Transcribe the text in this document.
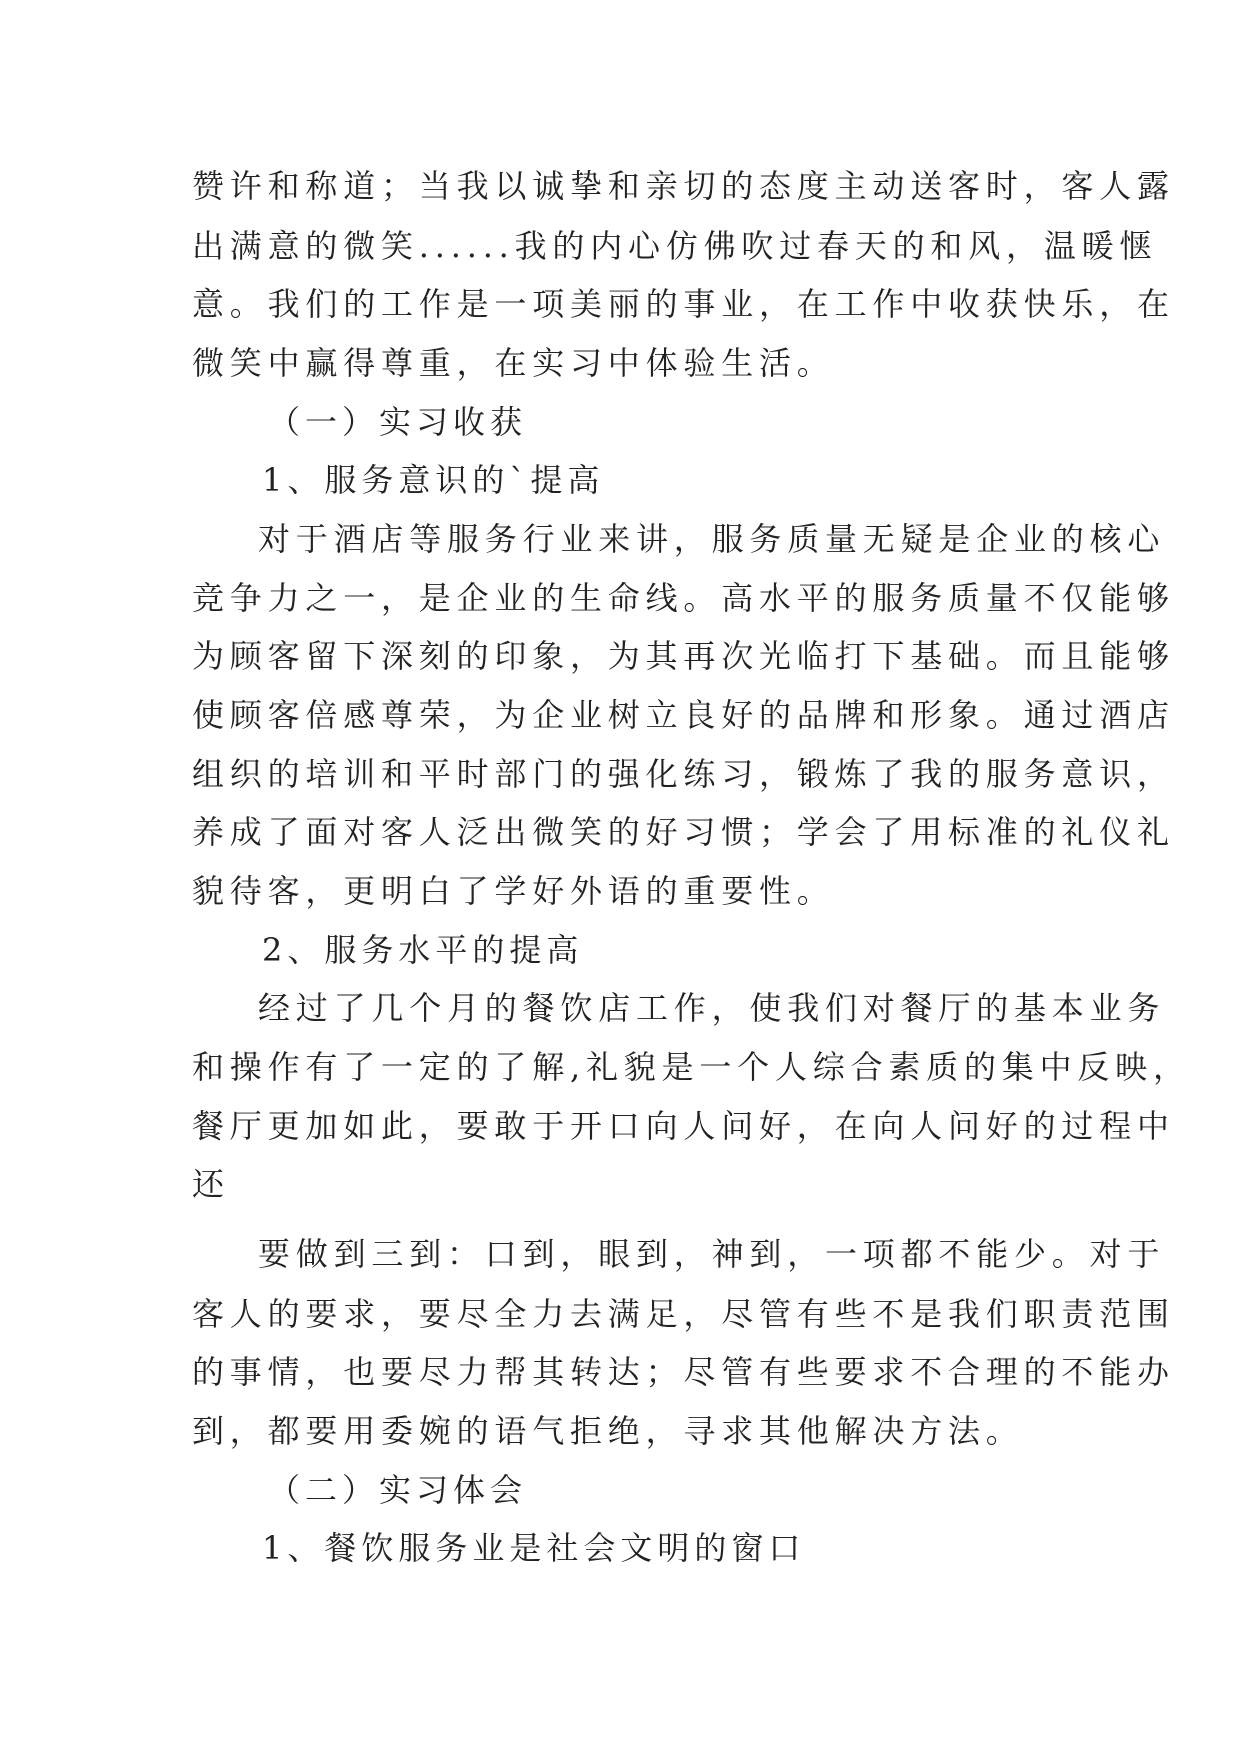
赞许和称道；当我以诚挚和亲切的态度主动送客时，客人露

出满意的微笑......我的内心仿佛吹过春天的和风，温暖惬

意。我们的工作是一项美丽的事业，在工作中收获快乐，在

微笑中赢得尊重，在实习中体验生活。

（一）实习收获

1、服务意识的`提高

对于酒店等服务行业来讲，服务质量无疑是企业的核心

竞争力之一，是企业的生命线。高水平的服务质量不仅能够

为顾客留下深刻的印象，为其再次光临打下基础。而且能够

使顾客倍感尊荣，为企业树立良好的品牌和形象。通过酒店

组织的培训和平时部门的强化练习，锻炼了我的服务意识，

养成了面对客人泛出微笑的好习惯；学会了用标准的礼仪礼

貌待客，更明白了学好外语的重要性。

2、服务水平的提高

经过了几个月的餐饮店工作，使我们对餐厅的基本业务

和操作有了一定的了解,礼貌是一个人综合素质的集中反映，

餐厅更加如此，要敢于开口向人问好，在向人问好的过程中

还

要做到三到：口到，眼到，神到，一项都不能少。对于

客人的要求，要尽全力去满足，尽管有些不是我们职责范围

的事情，也要尽力帮其转达；尽管有些要求不合理的不能办

到，都要用委婉的语气拒绝，寻求其他解决方法。

（二）实习体会

1、餐饮服务业是社会文明的窗口
